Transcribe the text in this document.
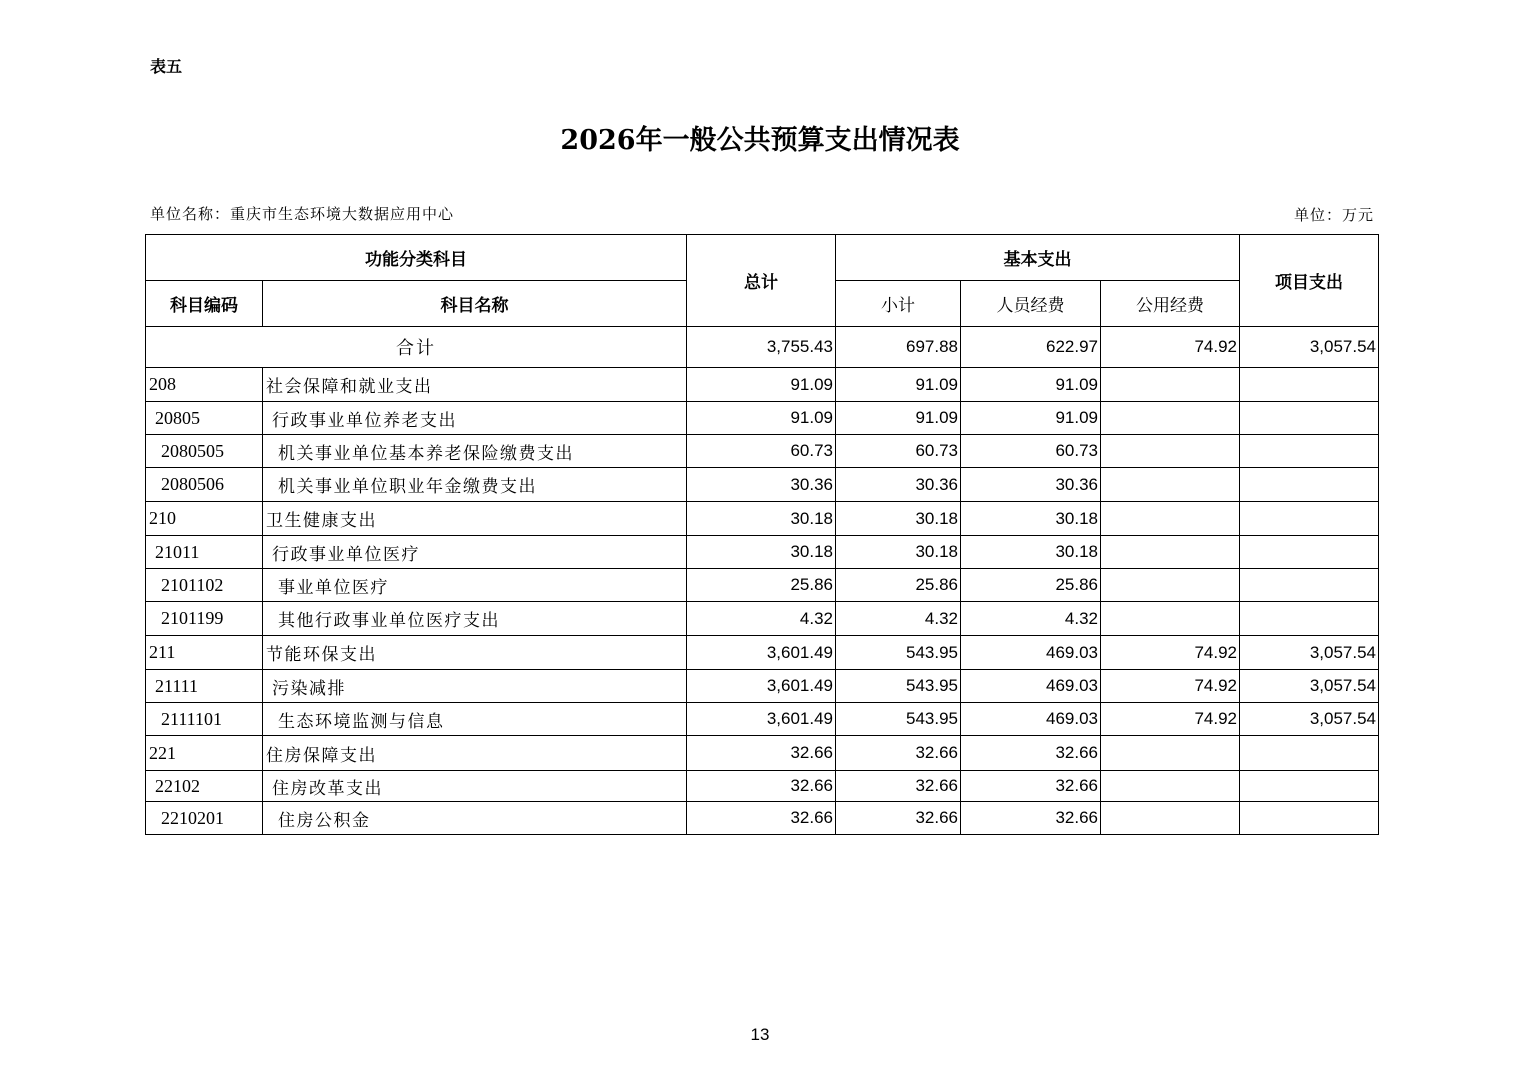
表五
2026年一般公共预算支出情况表
单位名称：重庆市生态环境大数据应用中心	单位：万元
功能分类科目		总计	基本支出			项目支出
科目编码	科目名称		小计	人员经费	公用经费	
合计		3,755.43	697.88	622.97	74.92	3,057.54
208	社会保障和就业支出	91.09	91.09	91.09		
20805	行政事业单位养老支出	91.09	91.09	91.09		
2080505	机关事业单位基本养老保险缴费支出	60.73	60.73	60.73		
2080506	机关事业单位职业年金缴费支出	30.36	30.36	30.36		
210	卫生健康支出	30.18	30.18	30.18		
21011	行政事业单位医疗	30.18	30.18	30.18		
2101102	事业单位医疗	25.86	25.86	25.86		
2101199	其他行政事业单位医疗支出	4.32	4.32	4.32		
211	节能环保支出	3,601.49	543.95	469.03	74.92	3,057.54
21111	污染减排	3,601.49	543.95	469.03	74.92	3,057.54
2111101	生态环境监测与信息	3,601.49	543.95	469.03	74.92	3,057.54
221	住房保障支出	32.66	32.66	32.66		
22102	住房改革支出	32.66	32.66	32.66		
2210201	住房公积金	32.66	32.66	32.66		
13
